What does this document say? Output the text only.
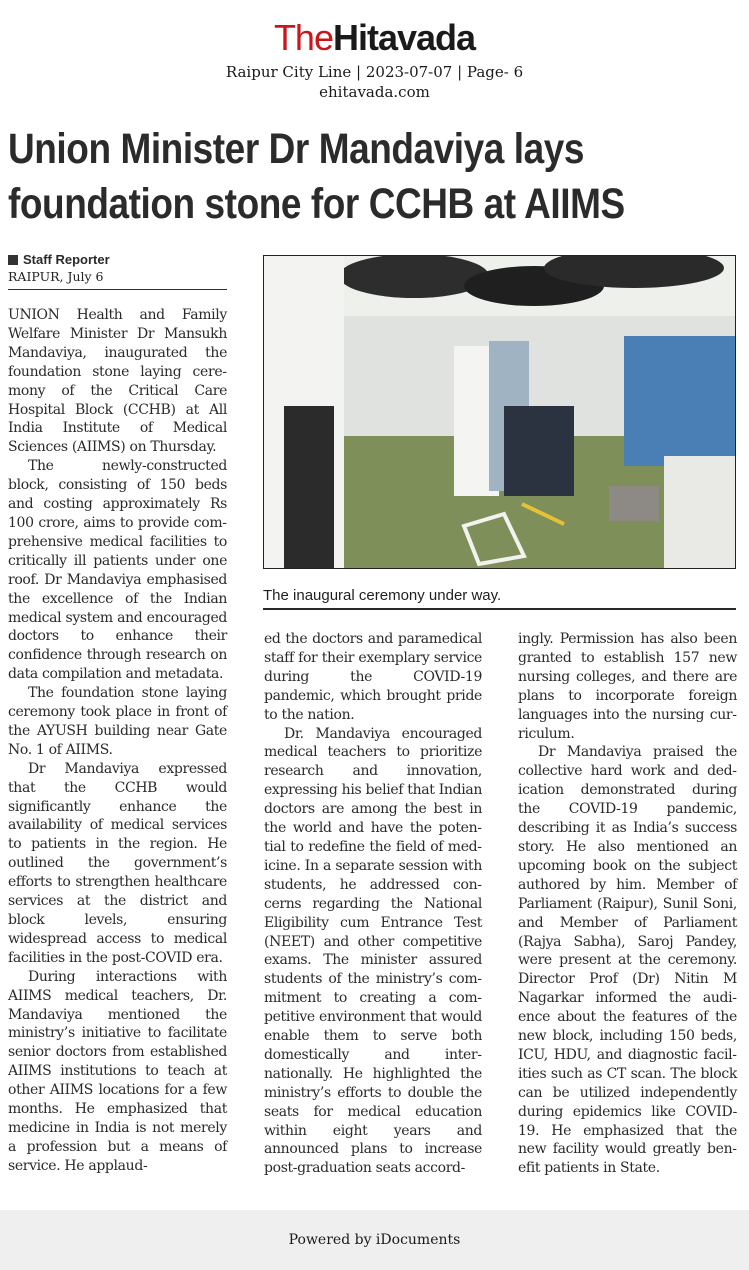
TheHitavada
Raipur City Line | 2023-07-07 | Page- 6
ehitavada.com
Union Minister Dr Mandaviya lays
foundation stone for CCHB at AIIMS
Staff Reporter
RAIPUR, July 6

UNION Health and Family Welfare Minister Dr Mansukh Mandaviya, inaugurated the foundation stone laying ceremony of the Critical Care Hospital Block (CCHB) at All India Institute of Medical Sciences (AIIMS) on Thursday.

The newly-constructed block, consisting of 150 beds and costing approximately Rs 100 crore, aims to provide comprehensive medical facilities to critically ill patients under one roof. Dr Mandaviya emphasised the excellence of the Indian medical system and encouraged doctors to enhance their confidence through research on data compilation and metadata.

The foundation stone laying ceremony took place in front of the AYUSH building near Gate No. 1 of AIIMS.

Dr Mandaviya expressed that the CCHB would significantly enhance the availability of medical services to patients in the region. He outlined the government’s efforts to strengthen healthcare services at the district and block levels, ensuring widespread access to medical facilities in the post-COVID era.

During interactions with AIIMS medical teachers, Dr. Mandaviya mentioned the ministry’s initiative to facilitate senior doctors from established AIIMS institutions to teach at other AIIMS locations for a few months. He emphasized that medicine in India is not merely a profession but a means of service. He applaud-

The inaugural ceremony under way.

ed the doctors and paramedical staff for their exemplary service during the COVID-19 pandemic, which brought pride to the nation.

Dr. Mandaviya encouraged medical teachers to prioritize research and innovation, expressing his belief that Indian doctors are among the best in the world and have the potential to redefine the field of medicine. In a separate session with students, he addressed concerns regarding the National Eligibility cum Entrance Test (NEET) and other competitive exams. The minister assured students of the ministry’s commitment to creating a competitive environment that would enable them to serve both domestically and internationally. He highlighted the ministry’s efforts to double the seats for medical education within eight years and announced plans to increase post-graduation seats accord-

ingly. Permission has also been granted to establish 157 new nursing colleges, and there are plans to incorporate foreign languages into the nursing curriculum.

Dr Mandaviya praised the collective hard work and dedication demonstrated during the COVID-19 pandemic, describing it as India’s success story. He also mentioned an upcoming book on the subject authored by him. Member of Parliament (Raipur), Sunil Soni, and Member of Parliament (Rajya Sabha), Saroj Pandey, were present at the ceremony. Director Prof (Dr) Nitin M Nagarkar informed the audience about the features of the new block, including 150 beds, ICU, HDU, and diagnostic facilities such as CT scan. The block can be utilized independently during epidemics like COVID-19. He emphasized that the new facility would greatly benefit patients in State.

Powered by iDocuments
